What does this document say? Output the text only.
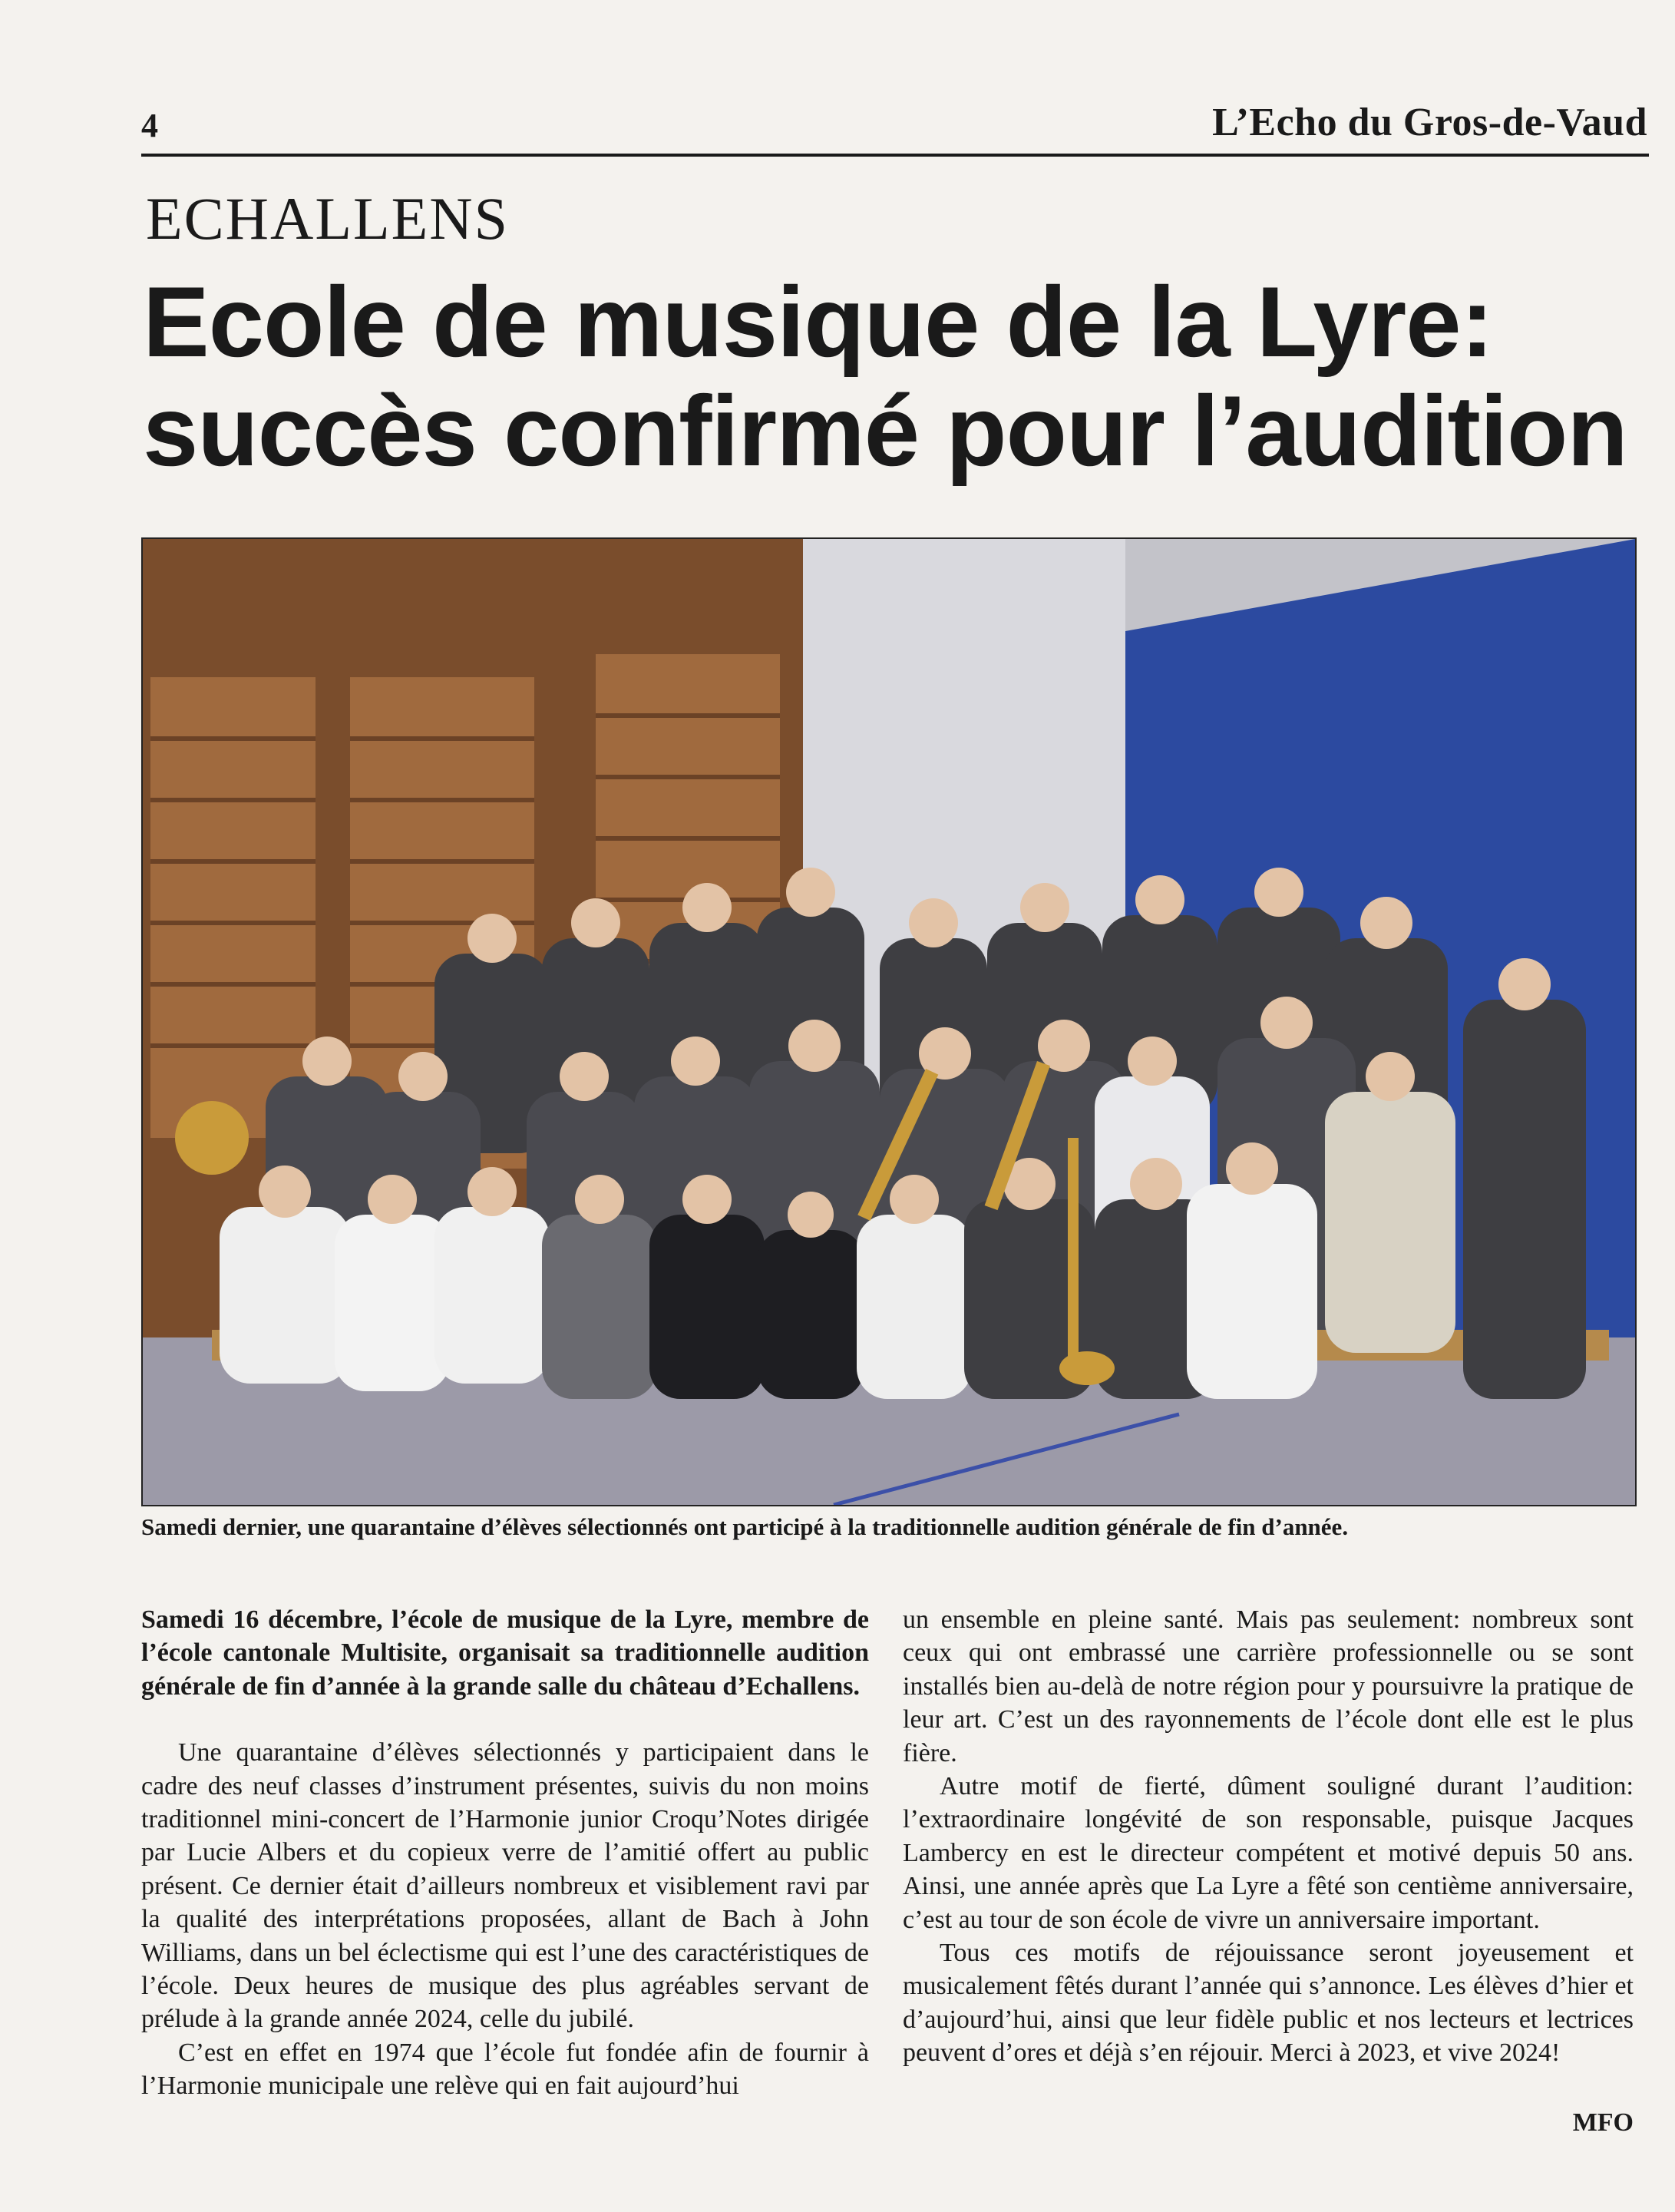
4	L’Echo du Gros-de-Vaud
ECHALLENS
Ecole de musique de la Lyre: succès confirmé pour l’audition
Samedi dernier, une quarantaine d’élèves sélectionnés ont participé à la traditionnelle audition générale de fin d’année.

Samedi 16 décembre, l’école de musique de la Lyre, membre de l’école cantonale Multisite, organisait sa traditionnelle audition générale de fin d’année à la grande salle du château d’Echallens.

Une quarantaine d’élèves sélectionnés y participaient dans le cadre des neuf classes d’instrument présentes, suivis du non moins traditionnel mini-concert de l’Harmonie junior Croqu’Notes dirigée par Lucie Albers et du copieux verre de l’amitié offert au public présent. Ce dernier était d’ailleurs nombreux et visiblement ravi par la qualité des interprétations proposées, allant de Bach à John Williams, dans un bel éclectisme qui est l’une des caractéristiques de l’école. Deux heures de musique des plus agréables servant de prélude à la grande année 2024, celle du jubilé.

C’est en effet en 1974 que l’école fut fondée afin de fournir à l’Harmonie municipale une relève qui en fait aujourd’hui

un ensemble en pleine santé. Mais pas seulement: nombreux sont ceux qui ont embrassé une carrière professionnelle ou se sont installés bien au-delà de notre région pour y poursuivre la pratique de leur art. C’est un des rayonnements de l’école dont elle est le plus fière.

Autre motif de fierté, dûment souligné durant l’audition: l’extraordinaire longévité de son responsable, puisque Jacques Lambercy en est le directeur compétent et motivé depuis 50 ans. Ainsi, une année après que La Lyre a fêté son centième anniversaire, c’est au tour de son école de vivre un anniversaire important.

Tous ces motifs de réjouissance seront joyeusement et musicalement fêtés durant l’année qui s’annonce. Les élèves d’hier et d’aujourd’hui, ainsi que leur fidèle public et nos lecteurs et lectrices peuvent d’ores et déjà s’en réjouir. Merci à 2023, et vive 2024!

MFO
